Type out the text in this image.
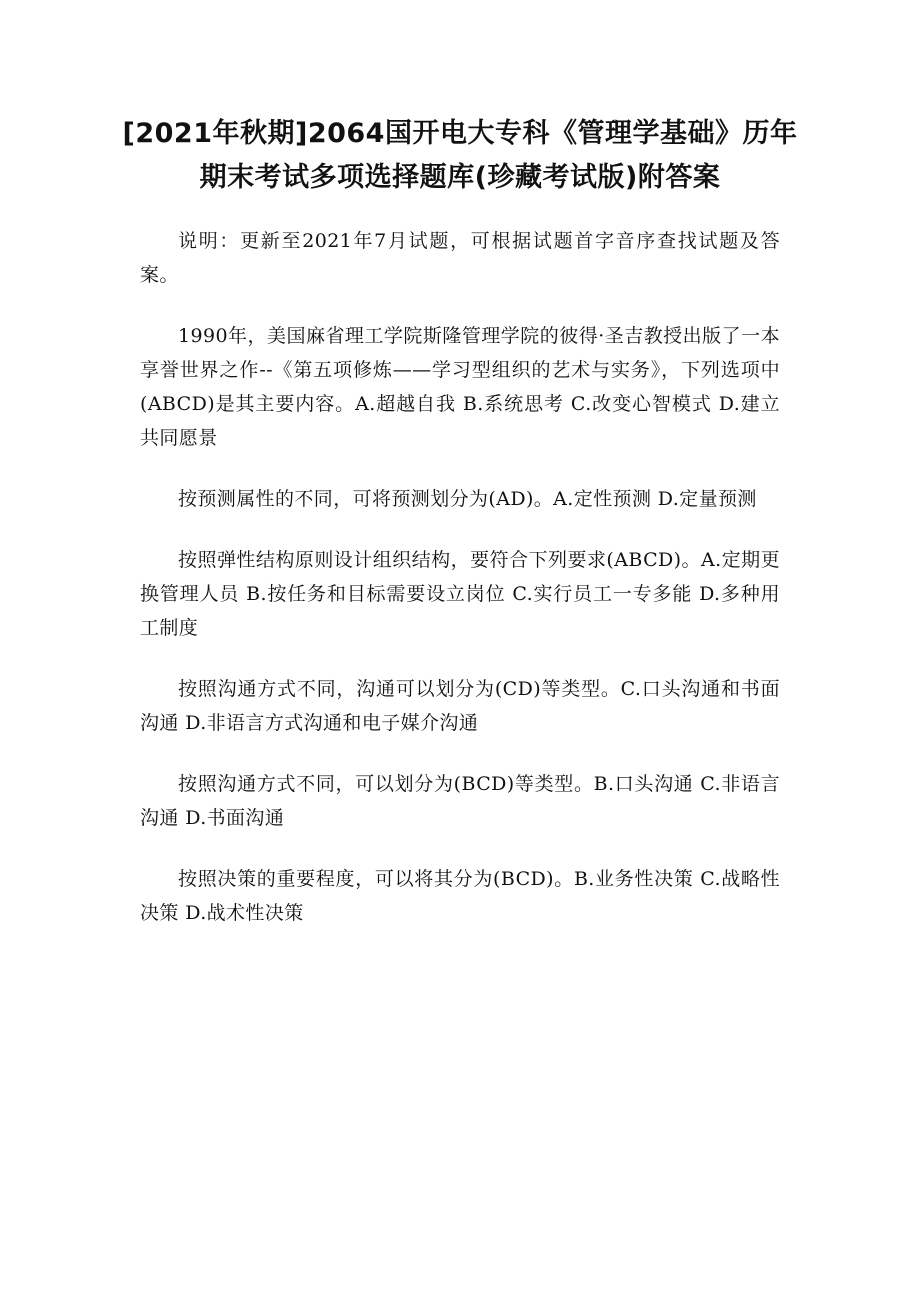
[2021年秋期]2064国开电大专科《管理学基础》历年期末考试多项选择题库(珍藏考试版)附答案

说明：更新至2021年7月试题，可根据试题首字音序查找试题及答案。

1990年，美国麻省理工学院斯隆管理学院的彼得·圣吉教授出版了一本享誉世界之作--《第五项修炼——学习型组织的艺术与实务》，下列选项中(ABCD)是其主要内容。A.超越自我 B.系统思考 C.改变心智模式 D.建立共同愿景

按预测属性的不同，可将预测划分为(AD)。A.定性预测 D.定量预测

按照弹性结构原则设计组织结构，要符合下列要求(ABCD)。A.定期更换管理人员 B.按任务和目标需要设立岗位 C.实行员工一专多能 D.多种用工制度

按照沟通方式不同，沟通可以划分为(CD)等类型。C.口头沟通和书面沟通 D.非语言方式沟通和电子媒介沟通

按照沟通方式不同，可以划分为(BCD)等类型。B.口头沟通 C.非语言沟通 D.书面沟通

按照决策的重要程度，可以将其分为(BCD)。B.业务性决策 C.战略性决策 D.战术性决策
